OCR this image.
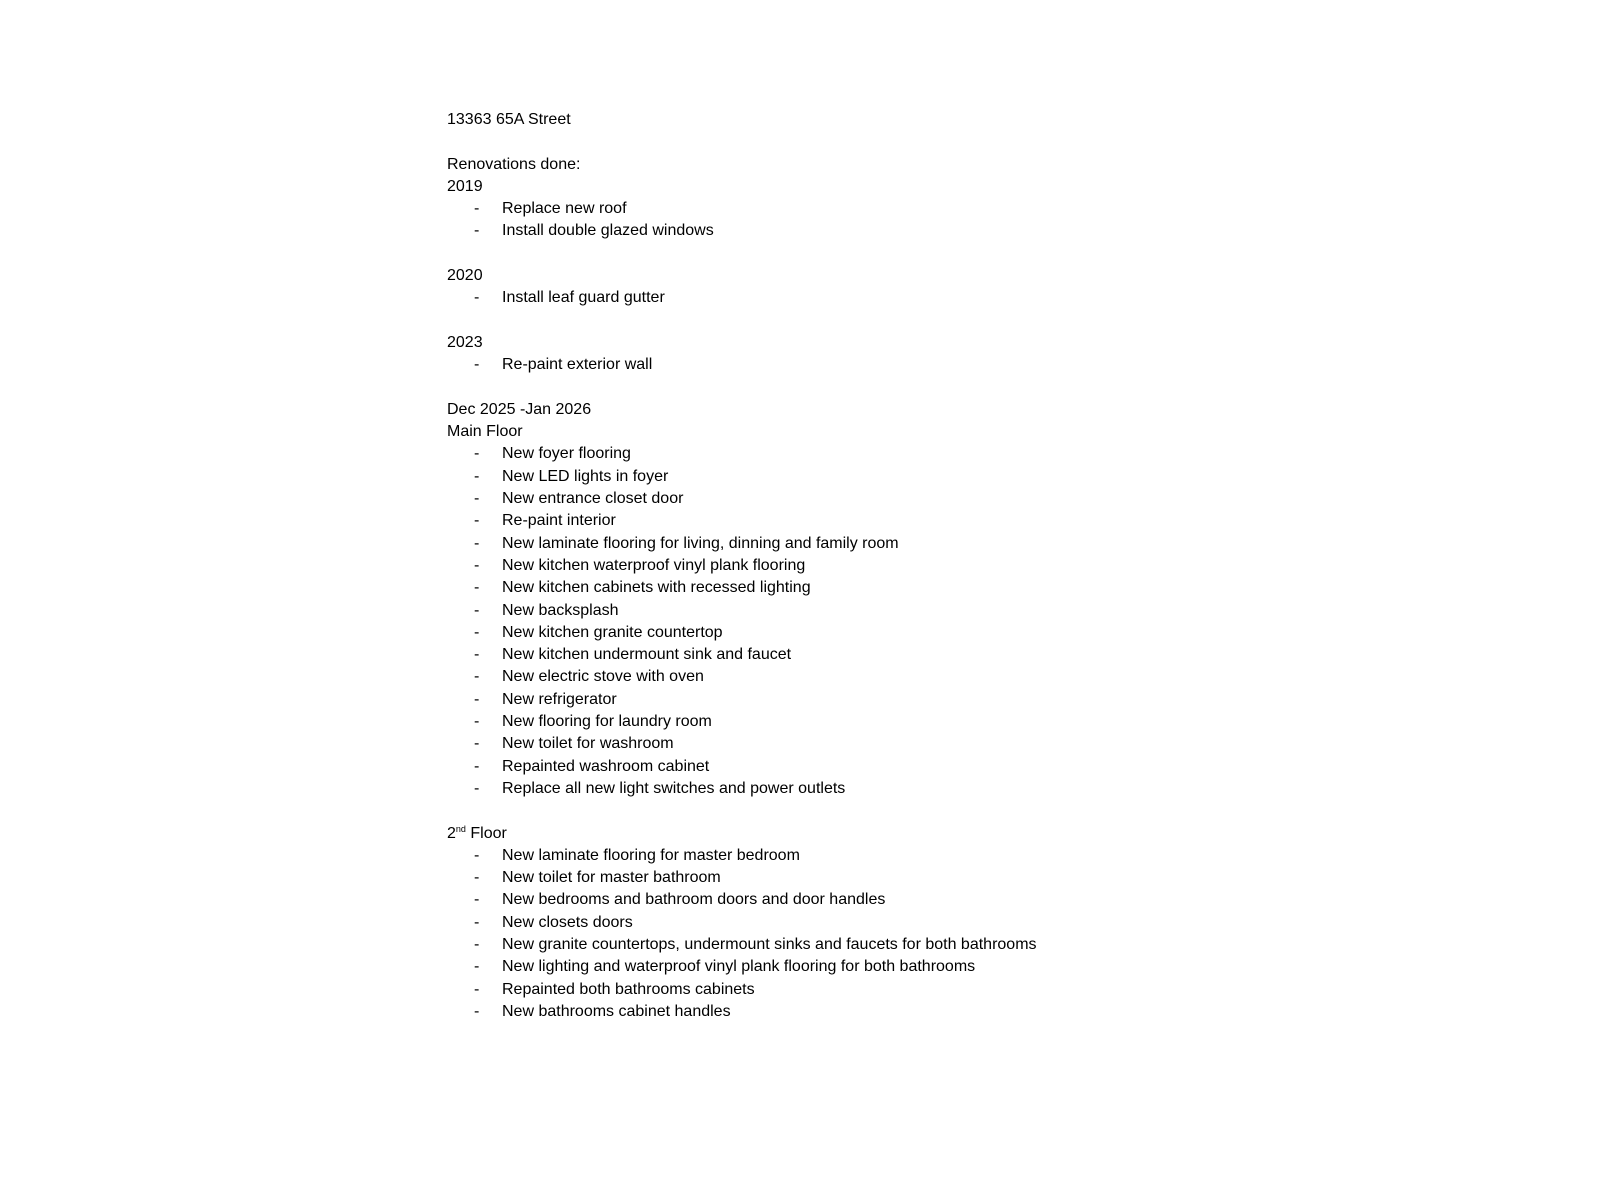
13363 65A Street
Renovations done:
2019
- Replace new roof
- Install double glazed windows
2020
- Install leaf guard gutter
2023
- Re-paint exterior wall
Dec 2025 -Jan 2026
Main Floor
- New foyer flooring
- New LED lights in foyer
- New entrance closet door
- Re-paint interior
- New laminate flooring for living, dinning and family room
- New kitchen waterproof vinyl plank flooring
- New kitchen cabinets with recessed lighting
- New backsplash
- New kitchen granite countertop
- New kitchen undermount sink and faucet
- New electric stove with oven
- New refrigerator
- New flooring for laundry room
- New toilet for washroom
- Repainted washroom cabinet
- Replace all new light switches and power outlets
2nd Floor
- New laminate flooring for master bedroom
- New toilet for master bathroom
- New bedrooms and bathroom doors and door handles
- New closets doors
- New granite countertops, undermount sinks and faucets for both bathrooms
- New lighting and waterproof vinyl plank flooring for both bathrooms
- Repainted both bathrooms cabinets
- New bathrooms cabinet handles
